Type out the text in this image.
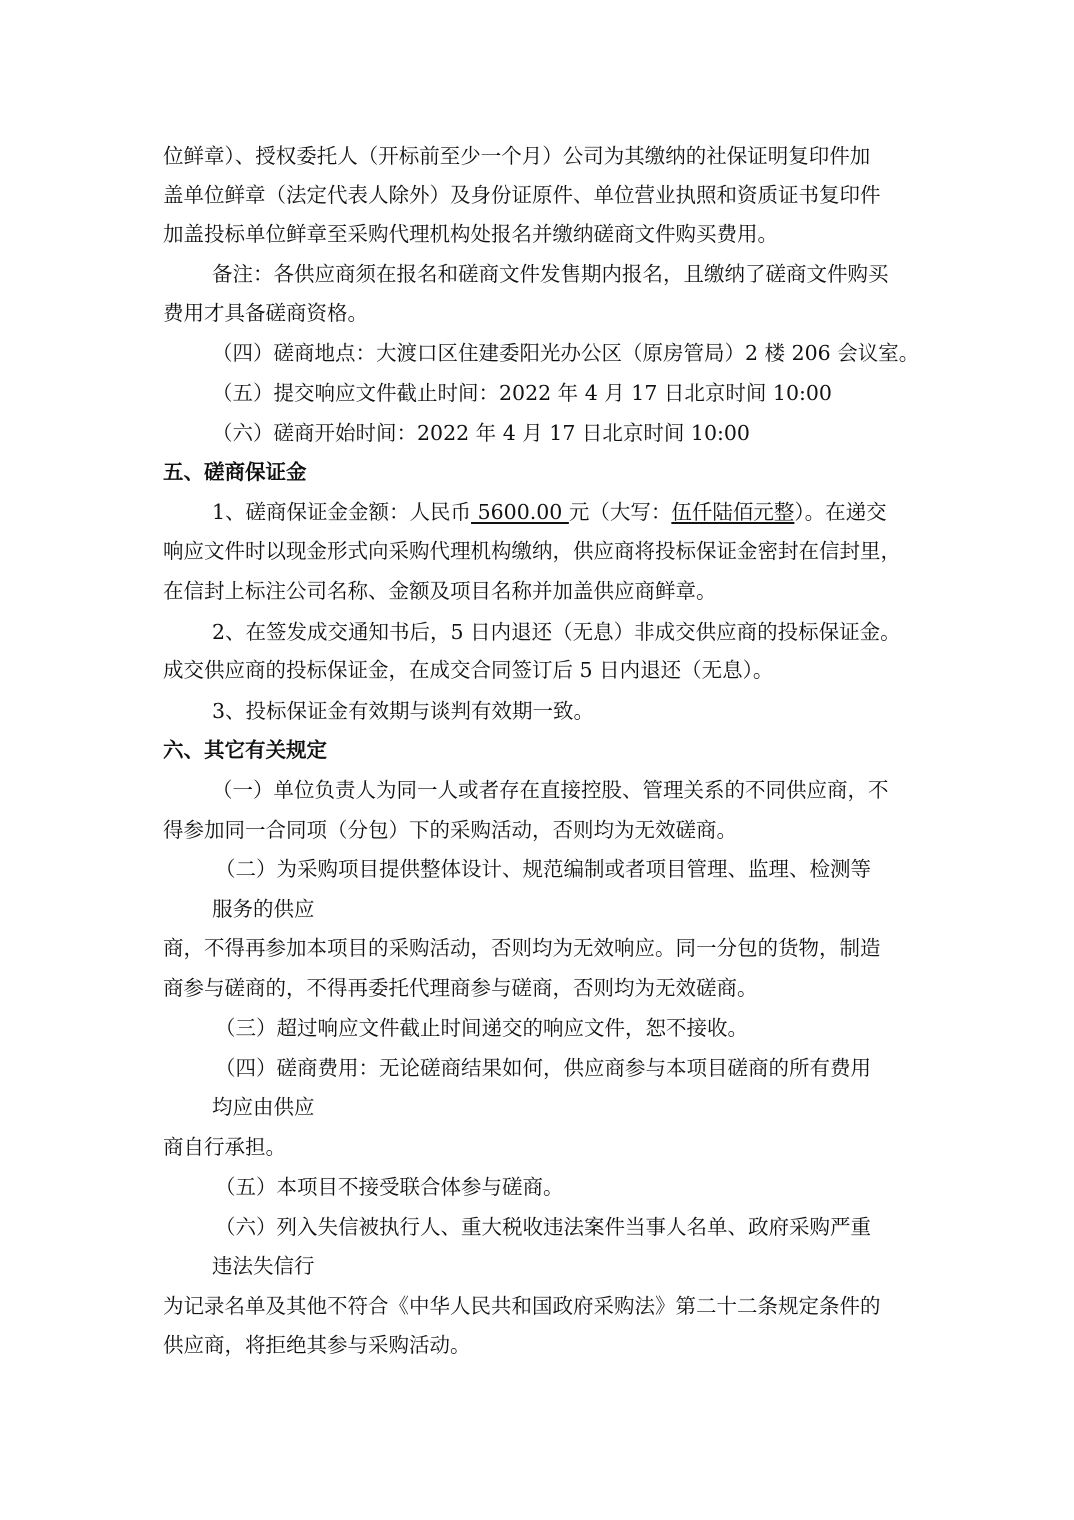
位鲜章）、授权委托人（开标前至少一个月）公司为其缴纳的社保证明复印件加
盖单位鲜章（法定代表人除外）及身份证原件、单位营业执照和资质证书复印件
加盖投标单位鲜章至采购代理机构处报名并缴纳磋商文件购买费用。
备注：各供应商须在报名和磋商文件发售期内报名，且缴纳了磋商文件购买
费用才具备磋商资格。
（四）磋商地点：大渡口区住建委阳光办公区（原房管局）2 楼 206 会议室。
（五）提交响应文件截止时间：2022 年 4 月 17 日北京时间 10:00
（六）磋商开始时间：2022 年 4 月 17 日北京时间 10:00
五、磋商保证金
1、磋商保证金金额：人民币 5600.00 元（大写：伍仟陆佰元整）。在递交
响应文件时以现金形式向采购代理机构缴纳，供应商将投标保证金密封在信封里，
在信封上标注公司名称、金额及项目名称并加盖供应商鲜章。
2、在签发成交通知书后，5 日内退还（无息）非成交供应商的投标保证金。
成交供应商的投标保证金，在成交合同签订后 5 日内退还（无息）。
3、投标保证金有效期与谈判有效期一致。
六、其它有关规定
（一）单位负责人为同一人或者存在直接控股、管理关系的不同供应商，不
得参加同一合同项（分包）下的采购活动，否则均为无效磋商。
（二）为采购项目提供整体设计、规范编制或者项目管理、监理、检测等
服务的供应
商，不得再参加本项目的采购活动，否则均为无效响应。同一分包的货物，制造
商参与磋商的，不得再委托代理商参与磋商，否则均为无效磋商。
（三）超过响应文件截止时间递交的响应文件，恕不接收。
（四）磋商费用：无论磋商结果如何，供应商参与本项目磋商的所有费用
均应由供应
商自行承担。
（五）本项目不接受联合体参与磋商。
（六）列入失信被执行人、重大税收违法案件当事人名单、政府采购严重
违法失信行
为记录名单及其他不符合《中华人民共和国政府采购法》第二十二条规定条件的
供应商，将拒绝其参与采购活动。
